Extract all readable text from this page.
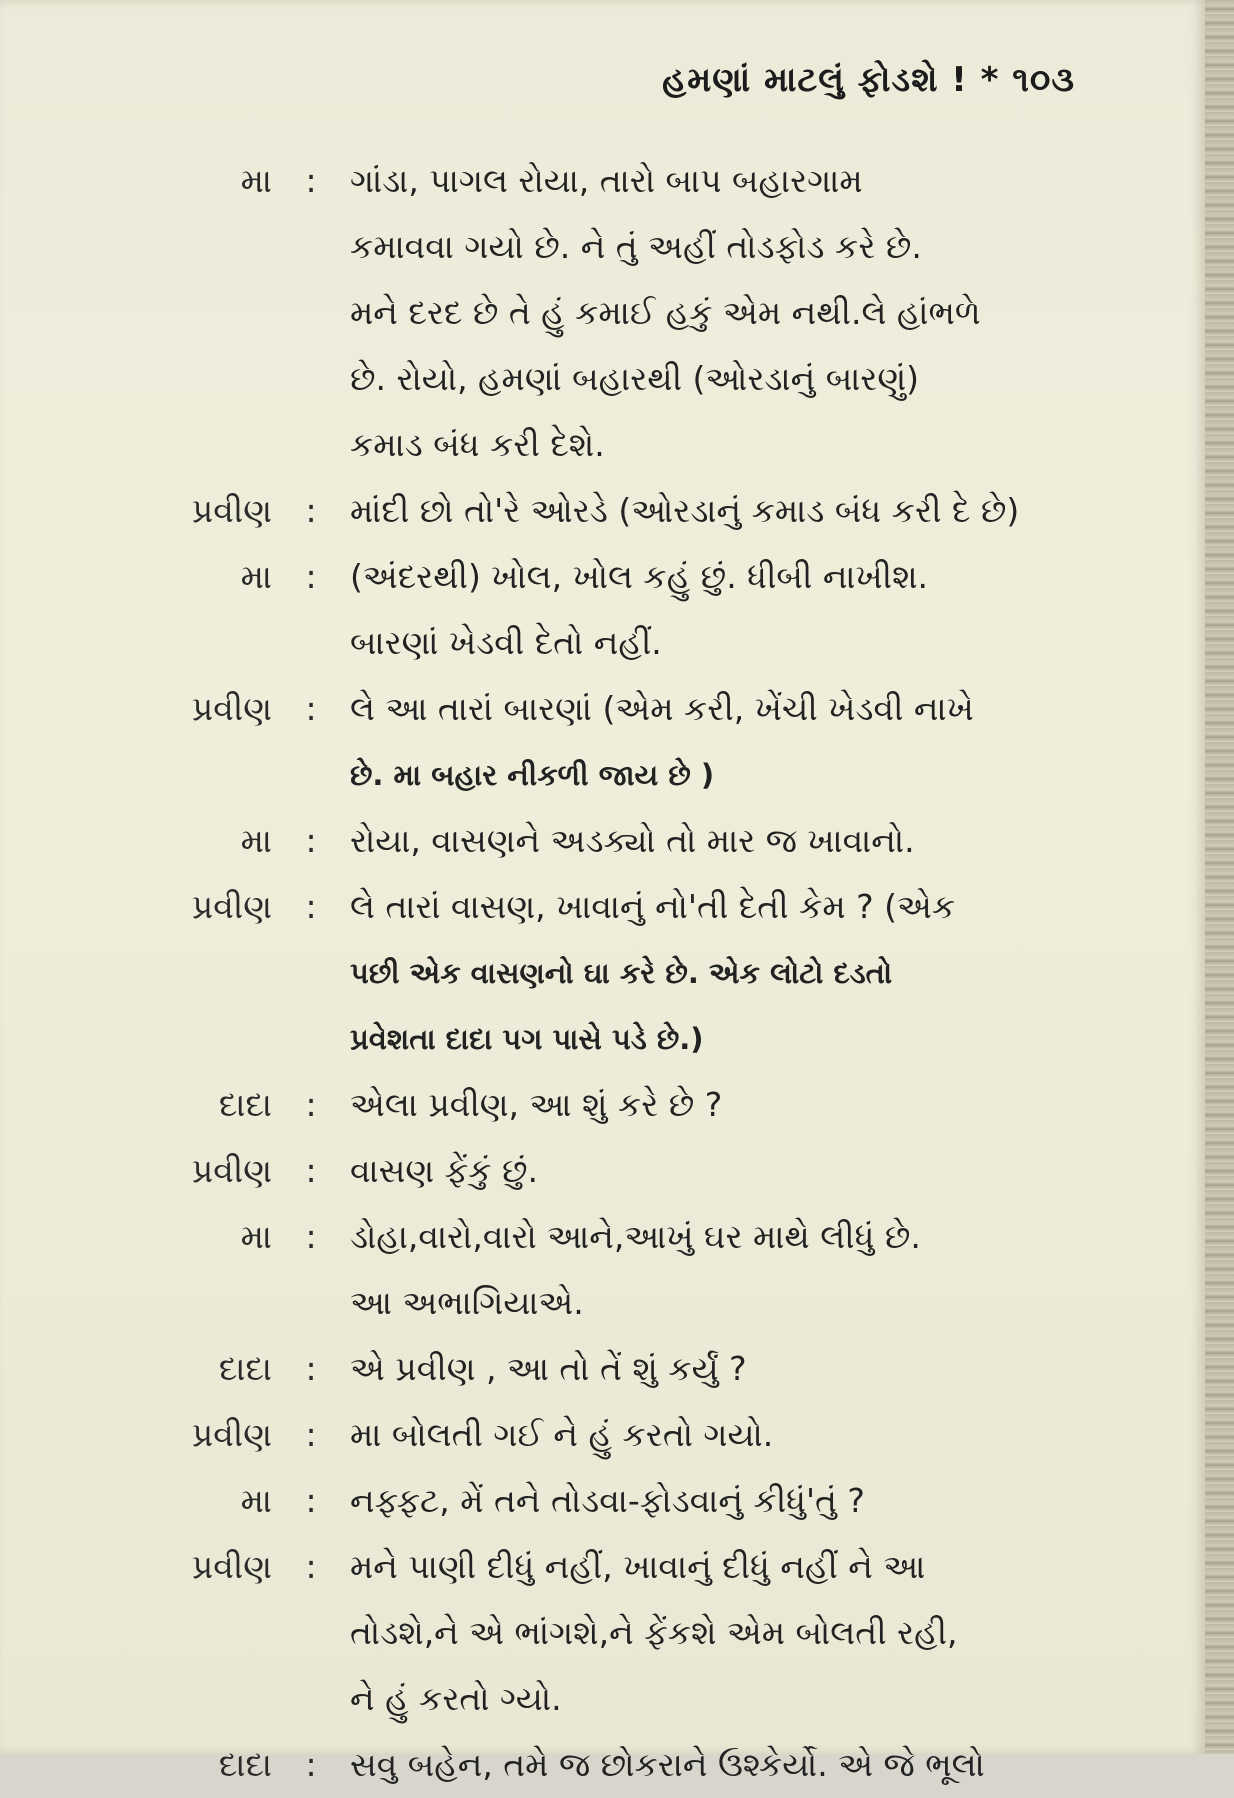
હમણાં માટલું ફોડશે ! * ૧૦૩
મા	:	ગાંડા, પાગલ રોયા, તારો બાપ બહારગામ
કમાવવા ગયો છે. ને તું અહીં તોડફોડ કરે છે.
મને દરદ છે તે હું કમાઈ હકું એમ નથી.લે હાંભળે
છે. રોયો, હમણાં બહારથી (ઓરડાનું બારણું)
કમાડ બંધ કરી દેશે.
પ્રવીણ	:	માંદી છો તો'રે ઓરડે (ઓરડાનું કમાડ બંધ કરી દે છે)
મા	:	(અંદરથી) ખોલ, ખોલ કહું છું. ધીબી નાખીશ.
બારણાં ખેડવી દેતો નહીં.
પ્રવીણ	:	લે આ તારાં બારણાં (એમ કરી, ખેંચી ખેડવી નાખે
છે. મા બહાર નીકળી જાય છે )
મા	:	રોયા, વાસણને અડક્યો તો માર જ ખાવાનો.
પ્રવીણ	:	લે તારાં વાસણ, ખાવાનું નો'તી દેતી કેમ ? (એક
પછી એક વાસણનો ઘા કરે છે. એક લોટો દડતો
પ્રવેશતા દાદા પગ પાસે પડે છે.)
દાદા	:	એલા પ્રવીણ, આ શું કરે છે ?
પ્રવીણ	:	વાસણ ફેંકું છું.
મા	:	ડોહા,વારો,વારો આને,આખું ઘર માથે લીધું છે.
આ અભાગિયાએ.
દાદા	:	એ પ્રવીણ , આ તો તેં શું કર્યું ?
પ્રવીણ	:	મા બોલતી ગઈ ને હું કરતો ગયો.
મા	:	નફ્ફટ, મેં તને તોડવા-ફોડવાનું કીધું'તું ?
પ્રવીણ	:	મને પાણી દીધું નહીં, ખાવાનું દીધું નહીં ને આ
તોડશે,ને એ ભાંગશે,ને ફેંકશે એમ બોલતી રહી,
ને હું કરતો ગ્યો.
દાદા	:	સવુ બહેન, તમે જ છોકરાને ઉશ્કેર્યો. એ જે ભૂલો
